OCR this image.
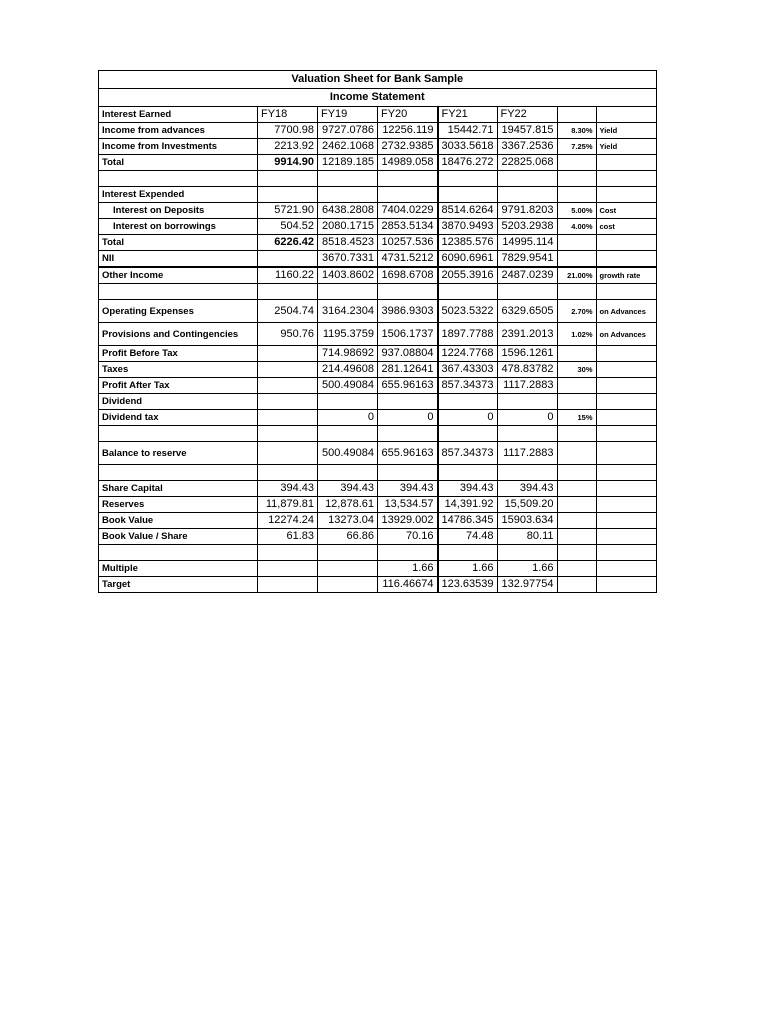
Valuation Sheet for Bank Sample							
Income Statement							
Interest Earned	FY18	FY19	FY20	FY21	FY22		
Income from advances	7700.98	9727.0786	12256.119	15442.71	19457.815	8.30%	Yield
Income from Investments	2213.92	2462.1068	2732.9385	3033.5618	3367.2536	7.25%	Yield
Total	9914.90	12189.185	14989.058	18476.272	22825.068		

Interest Expended							
Interest on Deposits	5721.90	6438.2808	7404.0229	8514.6264	9791.8203	5.00%	Cost
Interest on borrowings	504.52	2080.1715	2853.5134	3870.9493	5203.2938	4.00%	cost
Total	6226.42	8518.4523	10257.536	12385.576	14995.114		
NII		3670.7331	4731.5212	6090.6961	7829.9541		
Other Income	1160.22	1403.8602	1698.6708	2055.3916	2487.0239	21.00%	growth rate

Operating Expenses	2504.74	3164.2304	3986.9303	5023.5322	6329.6505	2.70%	on Advances
Provisions and Contingencies	950.76	1195.3759	1506.1737	1897.7788	2391.2013	1.02%	on Advances
Profit Before Tax		714.98692	937.08804	1224.7768	1596.1261		
Taxes		214.49608	281.12641	367.43303	478.83782	30%	
Profit After Tax		500.49084	655.96163	857.34373	1117.2883		
Dividend							
Dividend tax		0	0	0	0	15%	

Balance to reserve		500.49084	655.96163	857.34373	1117.2883		

Share Capital	394.43	394.43	394.43	394.43	394.43		
Reserves	11,879.81	12,878.61	13,534.57	14,391.92	15,509.20		
Book Value	12274.24	13273.04	13929.002	14786.345	15903.634		
Book Value / Share	61.83	66.86	70.16	74.48	80.11		

Multiple			1.66	1.66	1.66		
Target			116.46674	123.63539	132.97754		
